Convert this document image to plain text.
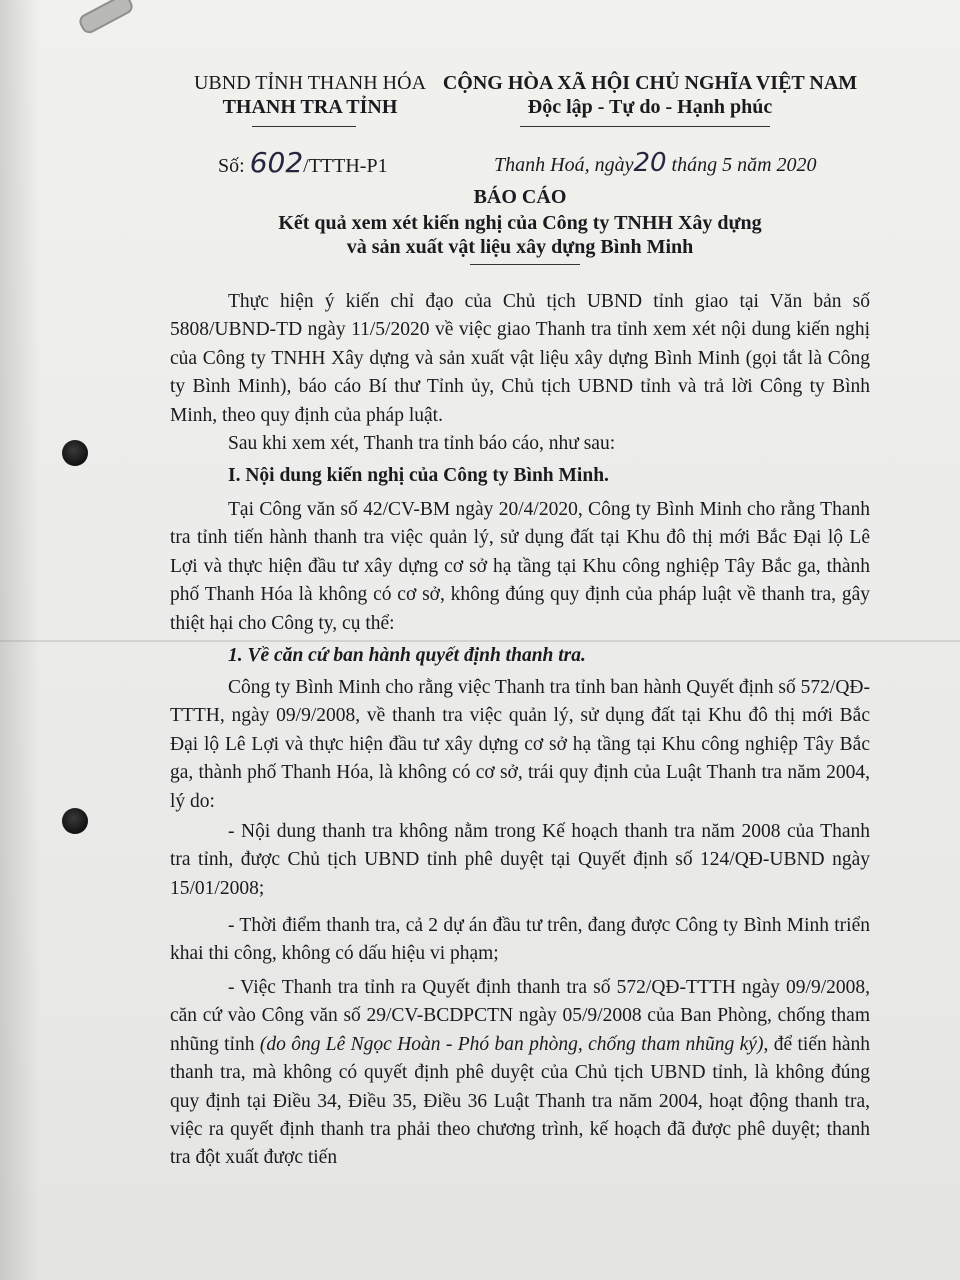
UBND TỈNH THANH HÓA
THANH TRA TỈNH
CỘNG HÒA XÃ HỘI CHỦ NGHĨA VIỆT NAM
Độc lập - Tự do - Hạnh phúc
Số: 602/TTTH-P1	Thanh Hoá, ngày20 tháng 5 năm 2020
BÁO CÁO
Kết quả xem xét kiến nghị của Công ty TNHH Xây dựng
và sản xuất vật liệu xây dựng Bình Minh
Thực hiện ý kiến chỉ đạo của Chủ tịch UBND tỉnh giao tại Văn bản số 5808/UBND-TD ngày 11/5/2020 về việc giao Thanh tra tỉnh xem xét nội dung kiến nghị của Công ty TNHH Xây dựng và sản xuất vật liệu xây dựng Bình Minh (gọi tắt là Công ty Bình Minh), báo cáo Bí thư Tỉnh ủy, Chủ tịch UBND tỉnh và trả lời Công ty Bình Minh, theo quy định của pháp luật.
Sau khi xem xét, Thanh tra tỉnh báo cáo, như sau:
I. Nội dung kiến nghị của Công ty Bình Minh.
Tại Công văn số 42/CV-BM ngày 20/4/2020, Công ty Bình Minh cho rằng Thanh tra tỉnh tiến hành thanh tra việc quản lý, sử dụng đất tại Khu đô thị mới Bắc Đại lộ Lê Lợi và thực hiện đầu tư xây dựng cơ sở hạ tầng tại Khu công nghiệp Tây Bắc ga, thành phố Thanh Hóa là không có cơ sở, không đúng quy định của pháp luật về thanh tra, gây thiệt hại cho Công ty, cụ thể:
1. Về căn cứ ban hành quyết định thanh tra.
Công ty Bình Minh cho rằng việc Thanh tra tỉnh ban hành Quyết định số 572/QĐ-TTTH, ngày 09/9/2008, về thanh tra việc quản lý, sử dụng đất tại Khu đô thị mới Bắc Đại lộ Lê Lợi và thực hiện đầu tư xây dựng cơ sở hạ tầng tại Khu công nghiệp Tây Bắc ga, thành phố Thanh Hóa, là không có cơ sở, trái quy định của Luật Thanh tra năm 2004, lý do:
- Nội dung thanh tra không nằm trong Kế hoạch thanh tra năm 2008 của Thanh tra tỉnh, được Chủ tịch UBND tỉnh phê duyệt tại Quyết định số 124/QĐ-UBND ngày 15/01/2008;
- Thời điểm thanh tra, cả 2 dự án đầu tư trên, đang được Công ty Bình Minh triển khai thi công, không có dấu hiệu vi phạm;
- Việc Thanh tra tỉnh ra Quyết định thanh tra số 572/QĐ-TTTH ngày 09/9/2008, căn cứ vào Công văn số 29/CV-BCDPCTN ngày 05/9/2008 của Ban Phòng, chống tham nhũng tỉnh (do ông Lê Ngọc Hoàn - Phó ban phòng, chống tham nhũng ký), để tiến hành thanh tra, mà không có quyết định phê duyệt của Chủ tịch UBND tỉnh, là không đúng quy định tại Điều 34, Điều 35, Điều 36 Luật Thanh tra năm 2004, hoạt động thanh tra, việc ra quyết định thanh tra phải theo chương trình, kế hoạch đã được phê duyệt; thanh tra đột xuất được tiến
